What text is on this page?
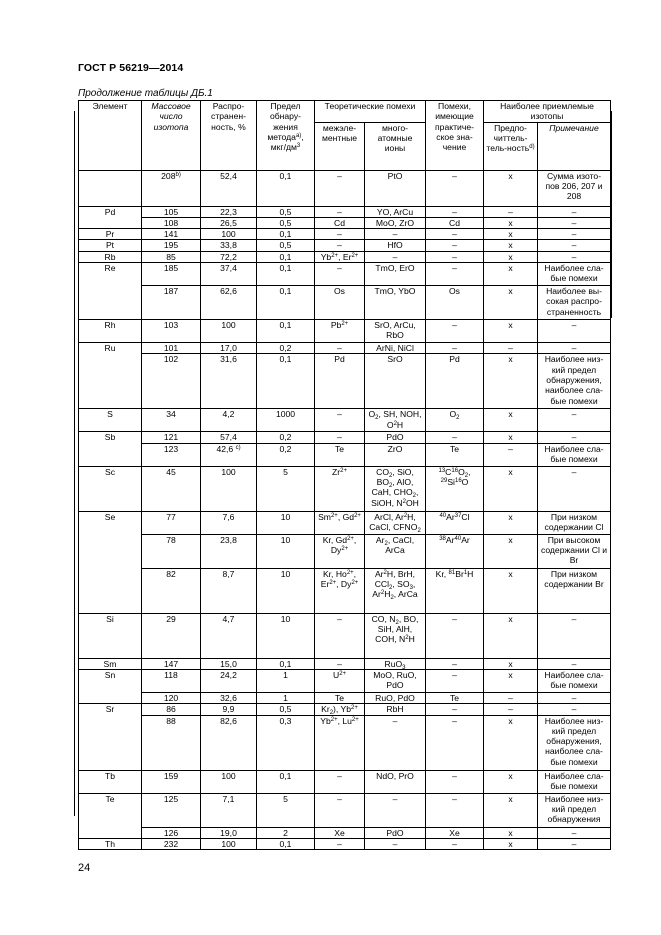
ГОСТ Р 56219—2014
Продолжение таблицы ДБ.1
Элемент	Массовое число изотопа	Распро-странен-ность, %	Предел обнару-жения метода$^{а)}$, мкг/$дм^3$	Теоретические помехи		Помехи, имеющие практиче-ское зна-чение	Наиболее приемлемые изотопы	
				межэле-ментные	много-атомные ионы		Предпо-читтель-тель-ность$^{d)}$	Примечание
	208$^{b)}$	52,4	0,1	–	PtO	–	x	Сумма изото-пов 206, 207 и 208
Pd	105	22,3	0,5	–	YO, ArCu	–	–	–
	108	26,5	0,5	Cd	MoO, ZrO	Cd	x	–
Pr	141	100	0,1	–	–	–	x	–
Pt	195	33,8	0,5	–	HfO	–	x	–
Rb	85	72,2	0,1	$Yb^{2+}$, $Er^{2+}$	–	–	x	–
Re	185	37,4	0,1	–	TmO, ErO	–	x	Наиболее сла-бые помехи
	187	62,6	0,1	Os	TmO, YbO	Os	x	Наиболее вы-сокая распро-страненность
Rh	103	100	0,1	$Pb^{2+}$	SrO, ArCu, RbO	–	x	–
Ru	101	17,0	0,2	–	ArNi, NiCl	–	–	–
	102	31,6	0,1	Pd	SrO	Pd	x	Наиболее низ-кий предел обнаружения, наиболее сла-бые помехи
S	34	4,2	1000	–	$O_2$, SH, NOH, $O^2H$	$O_2$	x	–
Sb	121	57,4	0,2	–	PdO	–	x	–
	123	42,6 $^{c)}$	0,2	Te	ZrO	Te	–	Наиболее сла-бые помехи
Sc	45	100	5	$Zr^{2+}$	$CO_2$, SiO, $BO_2$, AlO, CaH, $CHO_2$, SiOH, $N^2OH$	$^{13}C^{16}O_2$, $^{29}$Si$^{16}$O	x	–
Se	77	7,6	10	$Sm^{2+}$, $Gd^{2+}$	ArCl, Ar$^2$H, CaCl, $CFNO_2$	$^{40}$Ar$^{37}$Cl	x	При низком содержании Cl
	78	23,8	10	Kr, $Gd^{2+}$, $Dy^{2+}$	$Ar_2$, CaCl, ArCa	$^{38}$Ar$^{40}$Ar	x	При высоком содержании Cl и Br
	82	8,7	10	Kr, $Ho^{2+}$, $Er^{2+}$, $Dy^{2+}$	Ar$^2$H, BrH, CCl$_2$, $SO_3$, $Ar^2H_2$, ArCa	Kr, $^{81}$Br$^1$H	x	При низком содержании Br
Si	29	4,7	10	–	CO, $N_2$, BO, SiH, AlH, COH, $N^2H$	–	x	–
Sm	147	15,0	0,1	–	RuO$_3$	–	x	–
Sn	118	24,2	1	$U^{2+}$	MoO, RuO, PdO	–	x	Наиболее сла-бые помехи
	120	32,6	1	Te	RuO, PdO	Te	–	–
Sr	86	9,9	0,5	$Kr_2$), $Yb^{2+}$	RbH	–	–	–
	88	82,6	0,3	$Yb^{2+}$, $Lu^{2+}$	–	–	x	Наиболее низ-кий предел обнаружения, наиболее сла-бые помехи
Tb	159	100	0,1	–	NdO, PrO	–	x	Наиболее сла-бые помехи
Te	125	7,1	5	–	–	–	x	Наиболее низ-кий предел обнаружения
	126	19,0	2	Xe	PdO	Xe	x	–
Th	232	100	0,1	–	–	–	x	–
24
